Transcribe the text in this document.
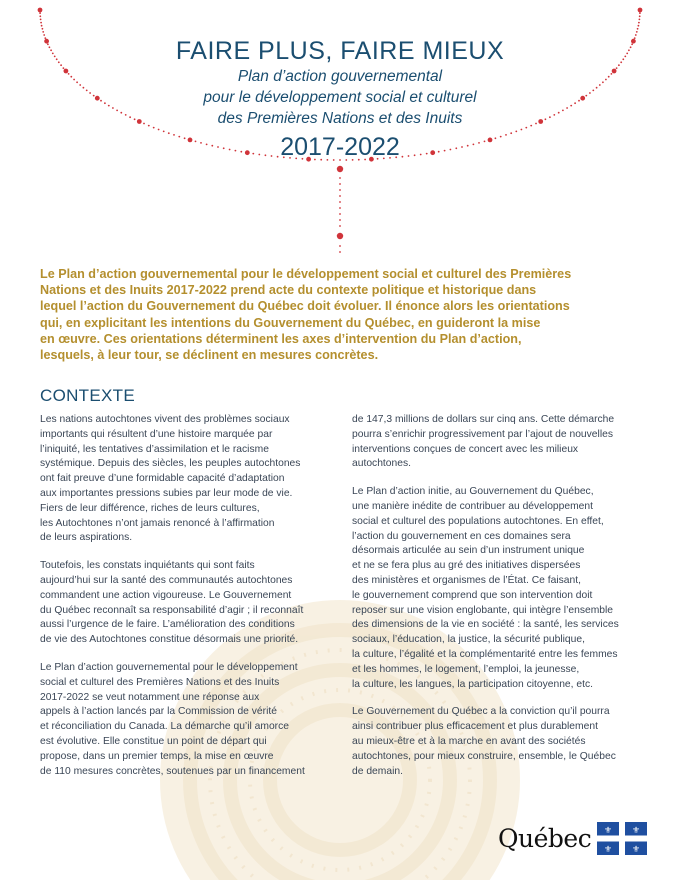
FAIRE PLUS, FAIRE MIEUX
Plan d’action gouvernemental
pour le développement social et culturel
des Premières Nations et des Inuits
2017-2022
Le Plan d’action gouvernemental pour le développement social et culturel des Premières
Nations et des Inuits 2017-2022 prend acte du contexte politique et historique dans
lequel l’action du Gouvernement du Québec doit évoluer. Il énonce alors les orientations
qui, en explicitant les intentions du Gouvernement du Québec, en guideront la mise
en œuvre. Ces orientations déterminent les axes d’intervention du Plan d’action,
lesquels, à leur tour, se déclinent en mesures concrètes.
CONTEXTE

Les nations autochtones vivent des problèmes sociaux
importants qui résultent d’une histoire marquée par
l’iniquité, les tentatives d’assimilation et le racisme
systémique. Depuis des siècles, les peuples autochtones
ont fait preuve d’une formidable capacité d’adaptation
aux importantes pressions subies par leur mode de vie.
Fiers de leur différence, riches de leurs cultures,
les Autochtones n’ont jamais renoncé à l’affirmation
de leurs aspirations.

Toutefois, les constats inquiétants qui sont faits
aujourd’hui sur la santé des communautés autochtones
commandent une action vigoureuse. Le Gouvernement
du Québec reconnaît sa responsabilité d’agir ; il reconnaît
aussi l’urgence de le faire. L’amélioration des conditions
de vie des Autochtones constitue désormais une priorité.

Le Plan d’action gouvernemental pour le développement
social et culturel des Premières Nations et des Inuits
2017-2022 se veut notamment une réponse aux
appels à l’action lancés par la Commission de vérité
et réconciliation du Canada. La démarche qu’il amorce
est évolutive. Elle constitue un point de départ qui
propose, dans un premier temps, la mise en œuvre
de 110 mesures concrètes, soutenues par un financement

de 147,3 millions de dollars sur cinq ans. Cette démarche
pourra s’enrichir progressivement par l’ajout de nouvelles
interventions conçues de concert avec les milieux
autochtones.

Le Plan d’action initie, au Gouvernement du Québec,
une manière inédite de contribuer au développement
social et culturel des populations autochtones. En effet,
l’action du gouvernement en ces domaines sera
désormais articulée au sein d’un instrument unique
et ne se fera plus au gré des initiatives dispersées
des ministères et organismes de l’État. Ce faisant,
le gouvernement comprend que son intervention doit
reposer sur une vision englobante, qui intègre l’ensemble
des dimensions de la vie en société : la santé, les services
sociaux, l’éducation, la justice, la sécurité publique,
la culture, l’égalité et la complémentarité entre les femmes
et les hommes, le logement, l’emploi, la jeunesse,
la culture, les langues, la participation citoyenne, etc.

Le Gouvernement du Québec a la conviction qu’il pourra
ainsi contribuer plus efficacement et plus durablement
au mieux-être et à la marche en avant des sociétés
autochtones, pour mieux construire, ensemble, le Québec
de demain.

Québec ⚜ ⚜
⚜ ⚜
